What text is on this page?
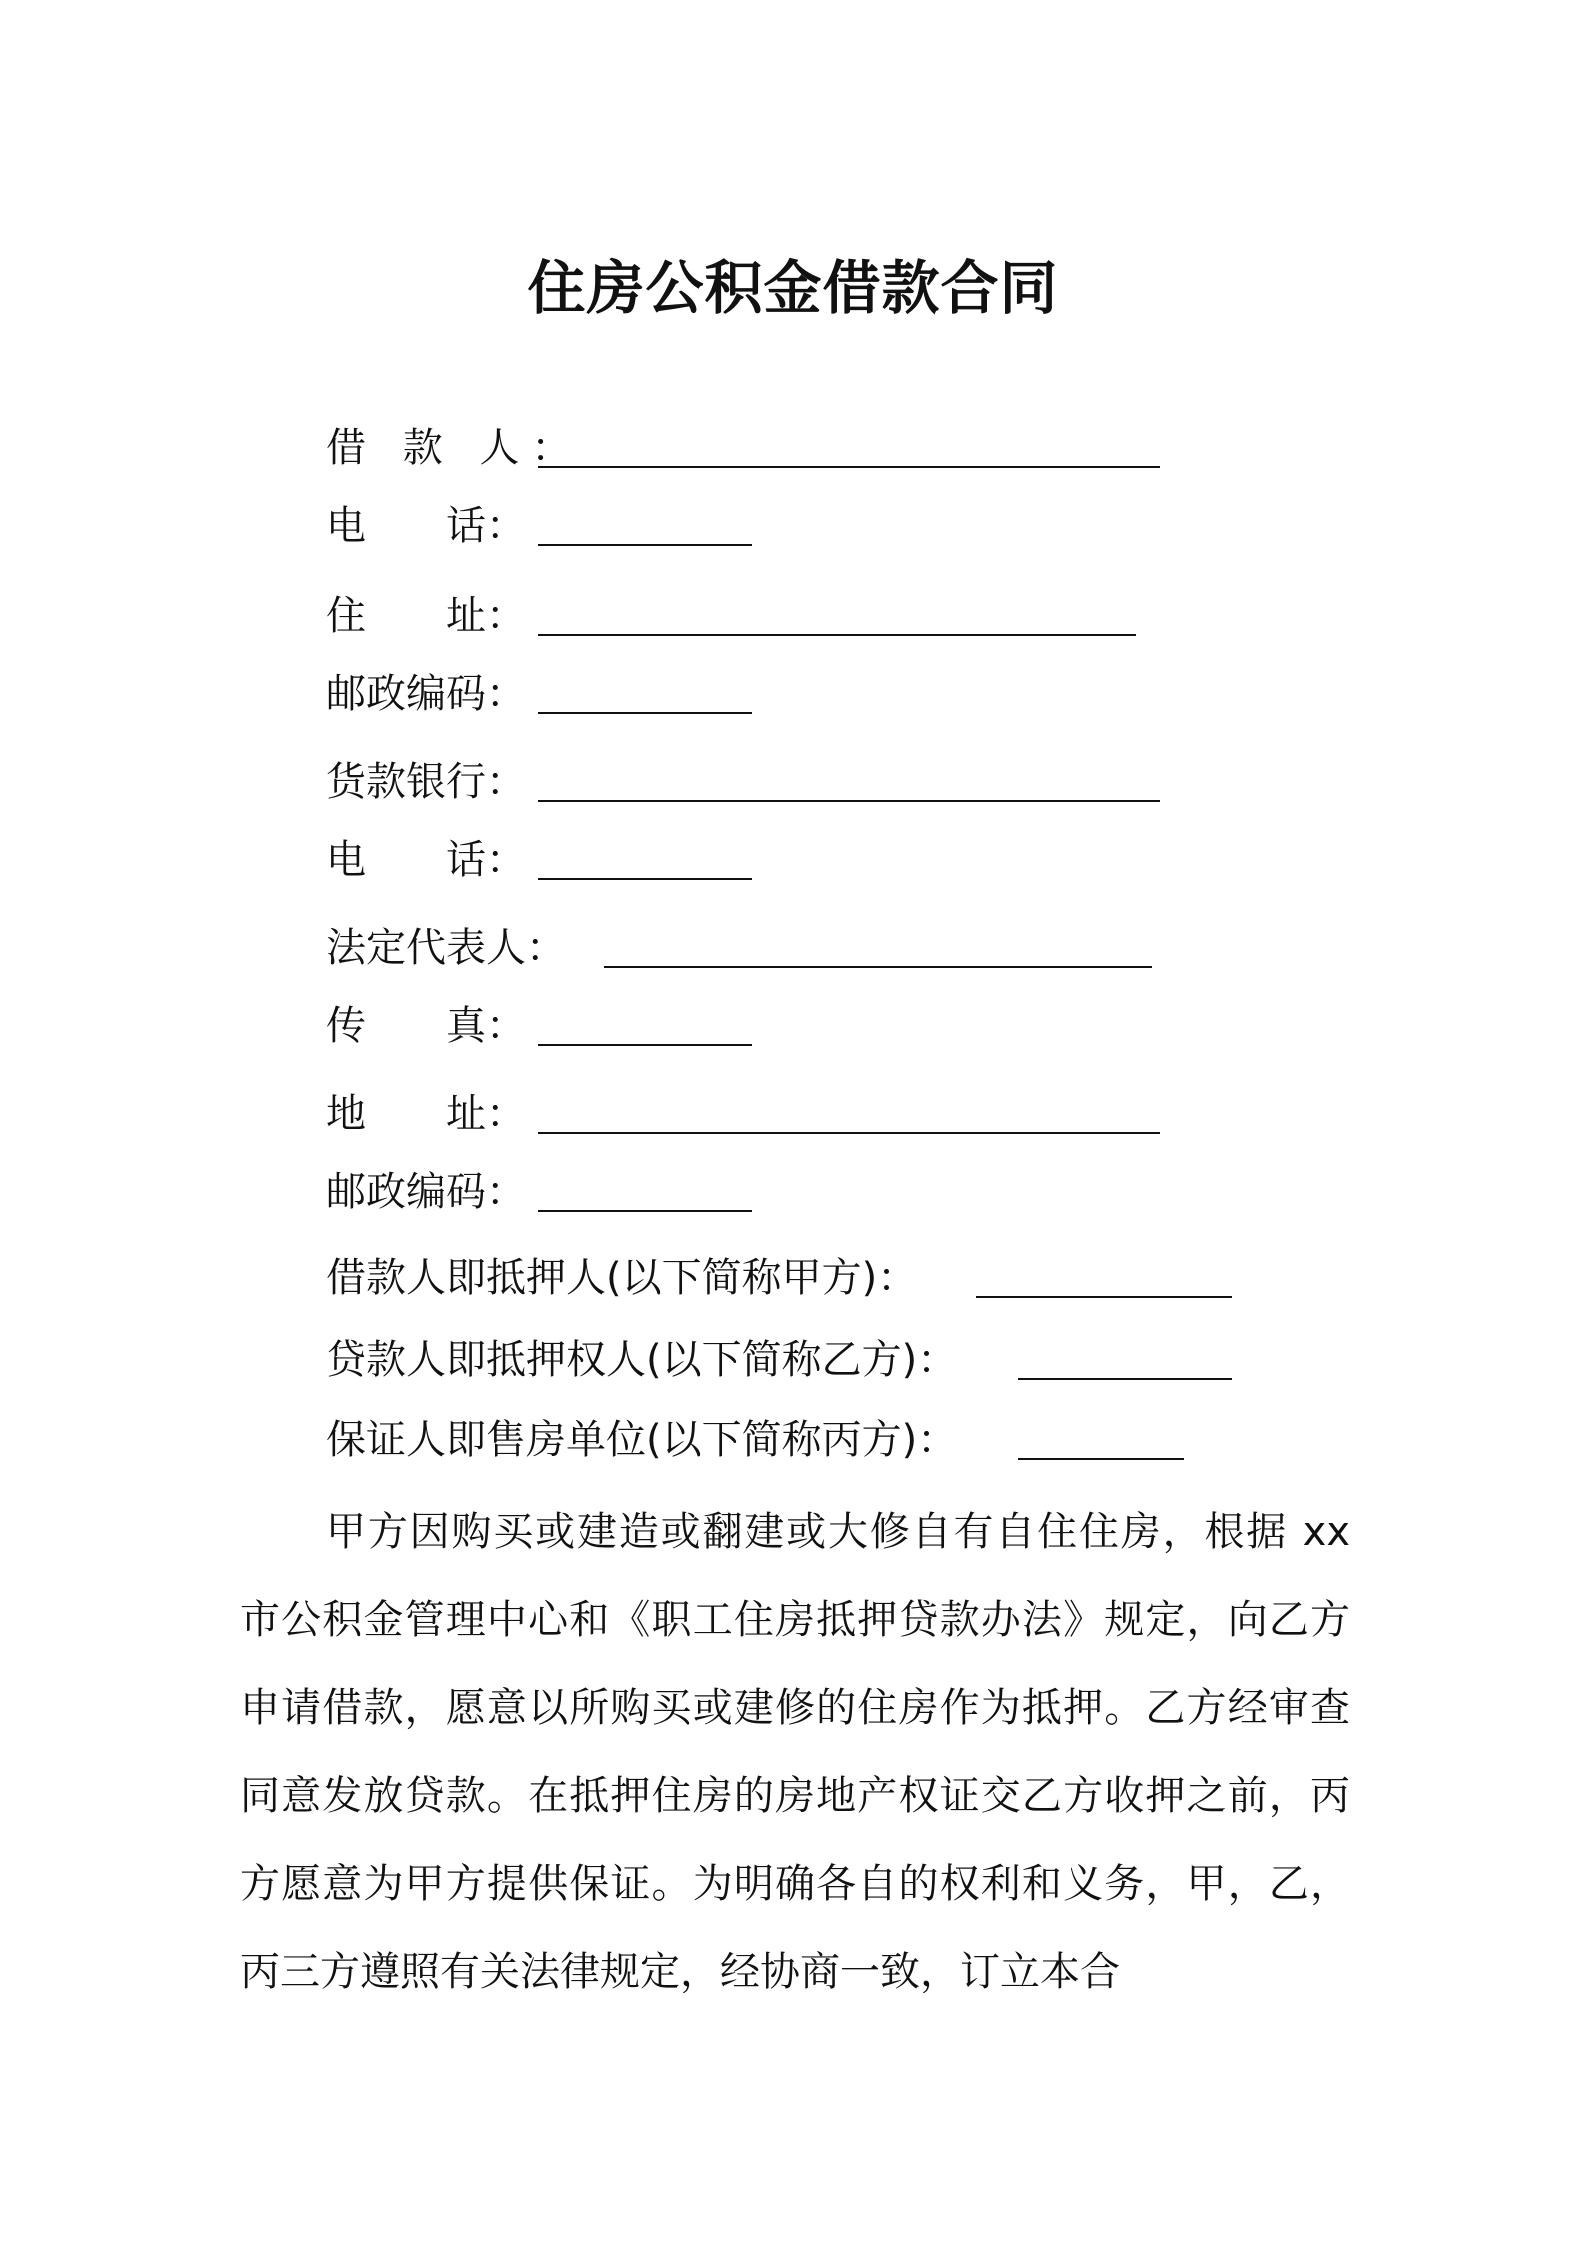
住房公积金借款合同
借 款 人：
电　　话：
住　　址：
邮政编码：
货款银行：
电　　话：
法定代表人：
传　　真：
地　　址：
邮政编码：
借款人即抵押人(以下简称甲方)：
贷款人即抵押权人(以下简称乙方)：
保证人即售房单位(以下简称丙方)：
甲方因购买或建造或翻建或大修自有自住住房，根据 xx 市公积金管理中心和《职工住房抵押贷款办法》规定，向乙方申请借款，愿意以所购买或建修的住房作为抵押。乙方经审查同意发放贷款。在抵押住房的房地产权证交乙方收押之前，丙方愿意为甲方提供保证。为明确各自的权利和义务，甲，乙，丙三方遵照有关法律规定，经协商一致，订立本合
